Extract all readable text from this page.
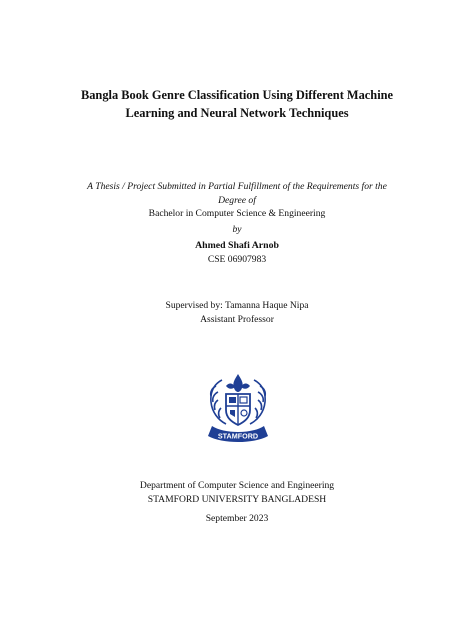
Bangla Book Genre Classification Using Different Machine
Learning and Neural Network Techniques
A Thesis / Project Submitted in Partial Fulfillment of the Requirements for the
Degree of
Bachelor in Computer Science & Engineering
by
Ahmed Shafi Arnob
CSE 06907983
Supervised by: Tamanna Haque Nipa
Assistant Professor
STAMFORD
Department of Computer Science and Engineering
STAMFORD UNIVERSITY BANGLADESH
September 2023
